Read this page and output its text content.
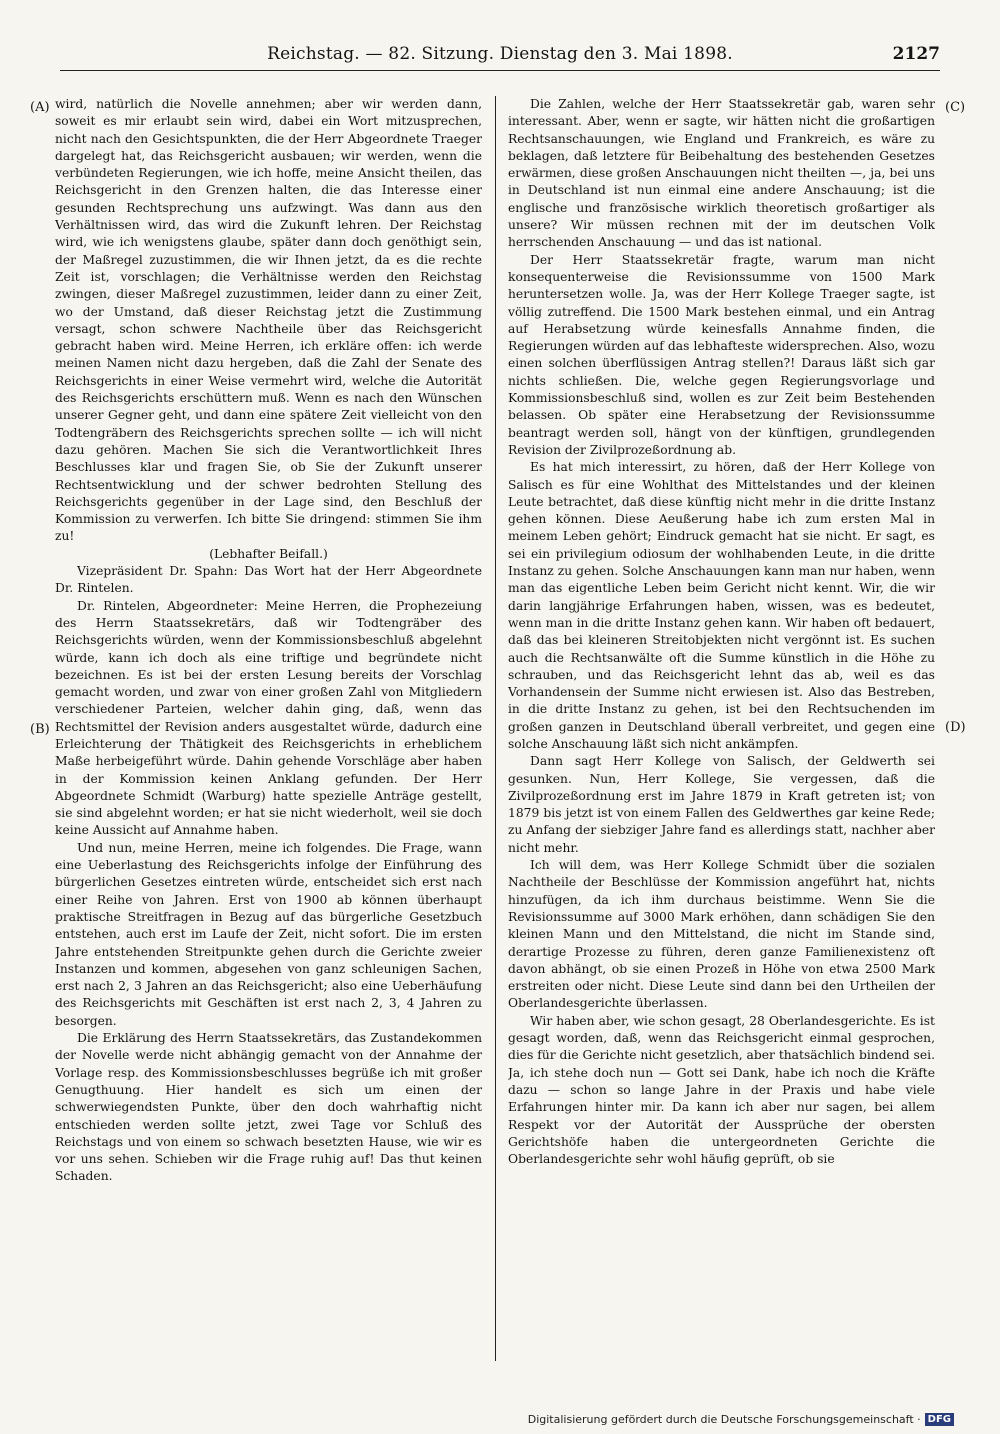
Reichstag. — 82. Sitzung. Dienstag den 3. Mai 1898.	2127
(A)
(B)
(C)
(D)

wird, natürlich die Novelle annehmen; aber wir werden dann, soweit es mir erlaubt sein wird, dabei ein Wort mitzusprechen, nicht nach den Gesichtspunkten, die der Herr Abgeordnete Traeger dargelegt hat, das Reichsgericht ausbauen; wir werden, wenn die verbündeten Regierungen, wie ich hoffe, meine Ansicht theilen, das Reichsgericht in den Grenzen halten, die das Interesse einer gesunden Rechtsprechung uns aufzwingt. Was dann aus den Verhältnissen wird, das wird die Zukunft lehren. Der Reichstag wird, wie ich wenigstens glaube, später dann doch genöthigt sein, der Maßregel zuzustimmen, die wir Ihnen jetzt, da es die rechte Zeit ist, vorschlagen; die Verhältnisse werden den Reichstag zwingen, dieser Maßregel zuzustimmen, leider dann zu einer Zeit, wo der Umstand, daß dieser Reichstag jetzt die Zustimmung versagt, schon schwere Nachtheile über das Reichsgericht gebracht haben wird. Meine Herren, ich erkläre offen: ich werde meinen Namen nicht dazu hergeben, daß die Zahl der Senate des Reichsgerichts in einer Weise vermehrt wird, welche die Autorität des Reichsgerichts erschüttern muß. Wenn es nach den Wünschen unserer Gegner geht, und dann eine spätere Zeit vielleicht von den Todtengräbern des Reichsgerichts sprechen sollte — ich will nicht dazu gehören. Machen Sie sich die Verantwortlichkeit Ihres Beschlusses klar und fragen Sie, ob Sie der Zukunft unserer Rechtsentwicklung und der schwer bedrohten Stellung des Reichsgerichts gegenüber in der Lage sind, den Beschluß der Kommission zu verwerfen. Ich bitte Sie dringend: stimmen Sie ihm zu!

(Lebhafter Beifall.)

Vizepräsident Dr. Spahn: Das Wort hat der Herr Abgeordnete Dr. Rintelen.

Dr. Rintelen, Abgeordneter: Meine Herren, die Prophezeiung des Herrn Staatssekretärs, daß wir Todtengräber des Reichsgerichts würden, wenn der Kommissionsbeschluß abgelehnt würde, kann ich doch als eine triftige und begründete nicht bezeichnen. Es ist bei der ersten Lesung bereits der Vorschlag gemacht worden, und zwar von einer großen Zahl von Mitgliedern verschiedener Parteien, welcher dahin ging, daß, wenn das Rechtsmittel der Revision anders ausgestaltet würde, dadurch eine Erleichterung der Thätigkeit des Reichsgerichts in erheblichem Maße herbeigeführt würde. Dahin gehende Vorschläge aber haben in der Kommission keinen Anklang gefunden. Der Herr Abgeordnete Schmidt (Warburg) hatte spezielle Anträge gestellt, sie sind abgelehnt worden; er hat sie nicht wiederholt, weil sie doch keine Aussicht auf Annahme haben.

Und nun, meine Herren, meine ich folgendes. Die Frage, wann eine Ueberlastung des Reichsgerichts infolge der Einführung des bürgerlichen Gesetzes eintreten würde, entscheidet sich erst nach einer Reihe von Jahren. Erst von 1900 ab können überhaupt praktische Streitfragen in Bezug auf das bürgerliche Gesetzbuch entstehen, auch erst im Laufe der Zeit, nicht sofort. Die im ersten Jahre entstehenden Streitpunkte gehen durch die Gerichte zweier Instanzen und kommen, abgesehen von ganz schleunigen Sachen, erst nach 2, 3 Jahren an das Reichsgericht; also eine Ueberhäufung des Reichsgerichts mit Geschäften ist erst nach 2, 3, 4 Jahren zu besorgen.

Die Erklärung des Herrn Staatssekretärs, das Zustandekommen der Novelle werde nicht abhängig gemacht von der Annahme der Vorlage resp. des Kommissionsbeschlusses begrüße ich mit großer Genugthuung. Hier handelt es sich um einen der schwerwiegendsten Punkte, über den doch wahrhaftig nicht entschieden werden sollte jetzt, zwei Tage vor Schluß des Reichstags und von einem so schwach besetzten Hause, wie wir es vor uns sehen. Schieben wir die Frage ruhig auf! Das thut keinen Schaden.

Die Zahlen, welche der Herr Staatssekretär gab, waren sehr interessant. Aber, wenn er sagte, wir hätten nicht die großartigen Rechtsanschauungen, wie England und Frankreich, es wäre zu beklagen, daß letztere für Beibehaltung des bestehenden Gesetzes erwärmen, diese großen Anschauungen nicht theilten —, ja, bei uns in Deutschland ist nun einmal eine andere Anschauung; ist die englische und französische wirklich theoretisch großartiger als unsere? Wir müssen rechnen mit der im deutschen Volk herrschenden Anschauung — und das ist national.

Der Herr Staatssekretär fragte, warum man nicht konsequenterweise die Revisionssumme von 1500 Mark heruntersetzen wolle. Ja, was der Herr Kollege Traeger sagte, ist völlig zutreffend. Die 1500 Mark bestehen einmal, und ein Antrag auf Herabsetzung würde keinesfalls Annahme finden, die Regierungen würden auf das lebhafteste widersprechen. Also, wozu einen solchen überflüssigen Antrag stellen?! Daraus läßt sich gar nichts schließen. Die, welche gegen Regierungsvorlage und Kommissionsbeschluß sind, wollen es zur Zeit beim Bestehenden belassen. Ob später eine Herabsetzung der Revisionssumme beantragt werden soll, hängt von der künftigen, grundlegenden Revision der Zivilprozeßordnung ab.

Es hat mich interessirt, zu hören, daß der Herr Kollege von Salisch es für eine Wohlthat des Mittelstandes und der kleinen Leute betrachtet, daß diese künftig nicht mehr in die dritte Instanz gehen können. Diese Aeußerung habe ich zum ersten Mal in meinem Leben gehört; Eindruck gemacht hat sie nicht. Er sagt, es sei ein privilegium odiosum der wohlhabenden Leute, in die dritte Instanz zu gehen. Solche Anschauungen kann man nur haben, wenn man das eigentliche Leben beim Gericht nicht kennt. Wir, die wir darin langjährige Erfahrungen haben, wissen, was es bedeutet, wenn man in die dritte Instanz gehen kann. Wir haben oft bedauert, daß das bei kleineren Streitobjekten nicht vergönnt ist. Es suchen auch die Rechtsanwälte oft die Summe künstlich in die Höhe zu schrauben, und das Reichsgericht lehnt das ab, weil es das Vorhandensein der Summe nicht erwiesen ist. Also das Bestreben, in die dritte Instanz zu gehen, ist bei den Rechtsuchenden im großen ganzen in Deutschland überall verbreitet, und gegen eine solche Anschauung läßt sich nicht ankämpfen.

Dann sagt Herr Kollege von Salisch, der Geldwerth sei gesunken. Nun, Herr Kollege, Sie vergessen, daß die Zivilprozeßordnung erst im Jahre 1879 in Kraft getreten ist; von 1879 bis jetzt ist von einem Fallen des Geldwerthes gar keine Rede; zu Anfang der siebziger Jahre fand es allerdings statt, nachher aber nicht mehr.

Ich will dem, was Herr Kollege Schmidt über die sozialen Nachtheile der Beschlüsse der Kommission angeführt hat, nichts hinzufügen, da ich ihm durchaus beistimme. Wenn Sie die Revisionssumme auf 3000 Mark erhöhen, dann schädigen Sie den kleinen Mann und den Mittelstand, die nicht im Stande sind, derartige Prozesse zu führen, deren ganze Familienexistenz oft davon abhängt, ob sie einen Prozeß in Höhe von etwa 2500 Mark erstreiten oder nicht. Diese Leute sind dann bei den Urtheilen der Oberlandesgerichte überlassen.

Wir haben aber, wie schon gesagt, 28 Oberlandesgerichte. Es ist gesagt worden, daß, wenn das Reichsgericht einmal gesprochen, dies für die Gerichte nicht gesetzlich, aber thatsächlich bindend sei. Ja, ich stehe doch nun — Gott sei Dank, habe ich noch die Kräfte dazu — schon so lange Jahre in der Praxis und habe viele Erfahrungen hinter mir. Da kann ich aber nur sagen, bei allem Respekt vor der Autorität der Aussprüche der obersten Gerichtshöfe haben die untergeordneten Gerichte die Oberlandesgerichte sehr wohl häufig geprüft, ob sie

Digitalisierung gefördert durch die Deutsche Forschungsgemeinschaft · DFG
